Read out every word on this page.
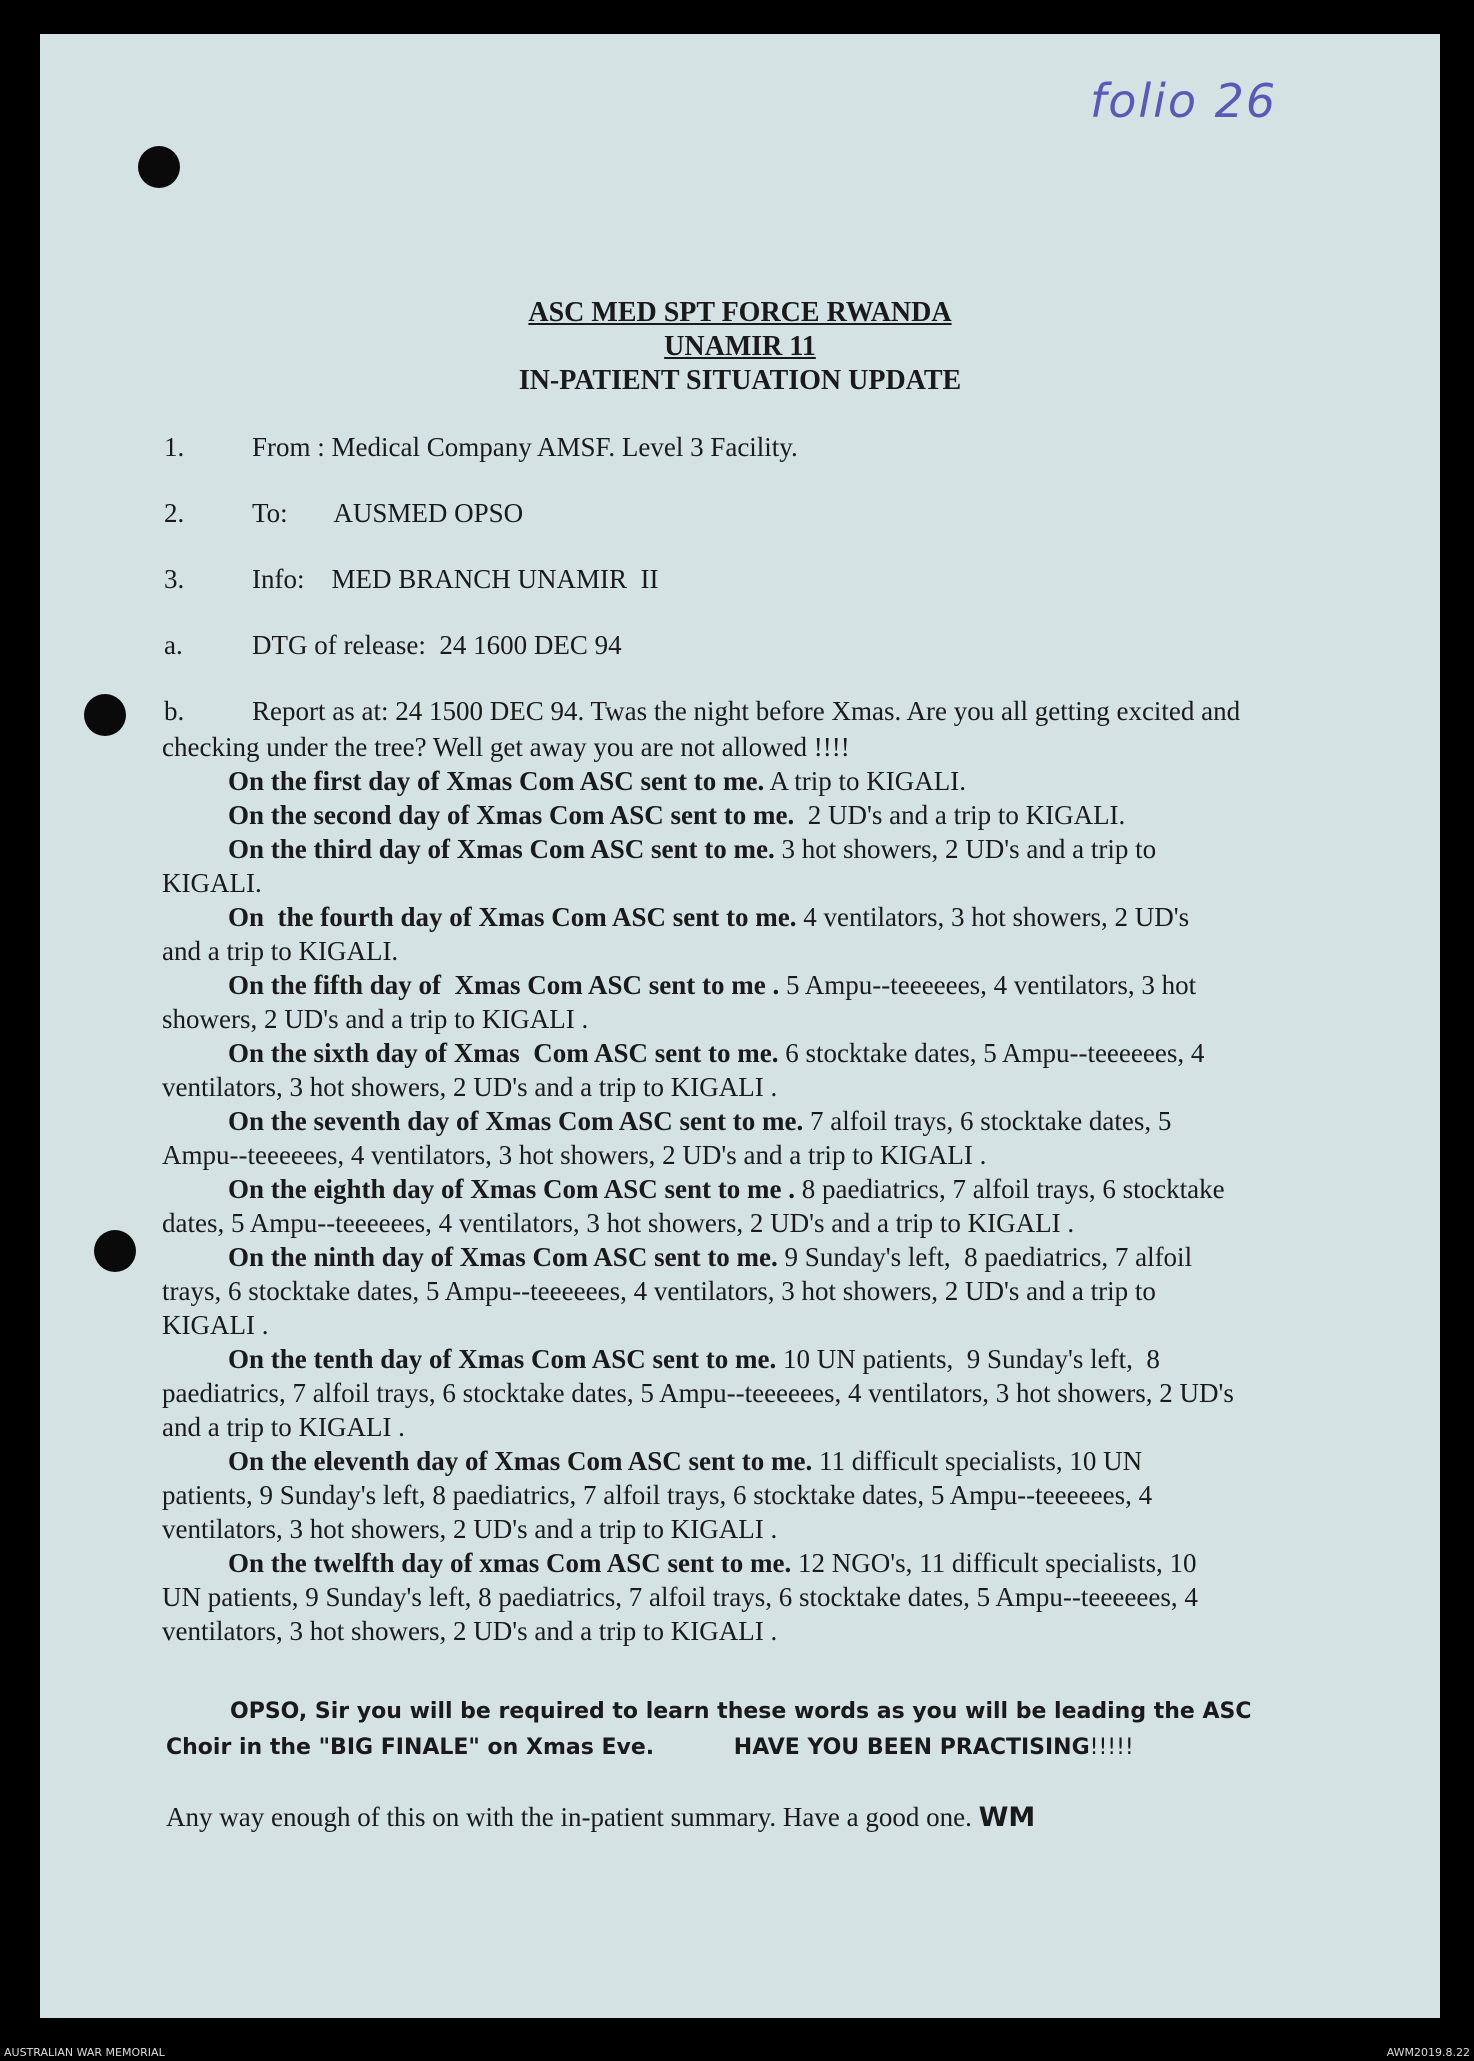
folio 26
ASC MED SPT FORCE RWANDA
UNAMIR 11
IN-PATIENT SITUATION UPDATE
1.	From : Medical Company AMSF. Level 3 Facility.
2.	To:       AUSMED OPSO
3.	Info:    MED BRANCH UNAMIR  II
a.	DTG of release:  24 1600 DEC 94
b.	Report as at: 24 1500 DEC 94. Twas the night before Xmas. Are you all getting excited and
checking under the tree? Well get away you are not allowed !!!!
On the first day of Xmas Com ASC sent to me. A trip to KIGALI.
On the second day of Xmas Com ASC sent to me.  2 UD's and a trip to KIGALI.
On the third day of Xmas Com ASC sent to me. 3 hot showers, 2 UD's and a trip to
KIGALI.
On  the fourth day of Xmas Com ASC sent to me. 4 ventilators, 3 hot showers, 2 UD's
and a trip to KIGALI.
On the fifth day of  Xmas Com ASC sent to me . 5 Ampu--teeeeees, 4 ventilators, 3 hot
showers, 2 UD's and a trip to KIGALI .
On the sixth day of Xmas  Com ASC sent to me. 6 stocktake dates, 5 Ampu--teeeeees, 4
ventilators, 3 hot showers, 2 UD's and a trip to KIGALI .
On the seventh day of Xmas Com ASC sent to me. 7 alfoil trays, 6 stocktake dates, 5
Ampu--teeeeees, 4 ventilators, 3 hot showers, 2 UD's and a trip to KIGALI .
On the eighth day of Xmas Com ASC sent to me . 8 paediatrics, 7 alfoil trays, 6 stocktake
dates, 5 Ampu--teeeeees, 4 ventilators, 3 hot showers, 2 UD's and a trip to KIGALI .
On the ninth day of Xmas Com ASC sent to me. 9 Sunday's left,  8 paediatrics, 7 alfoil
trays, 6 stocktake dates, 5 Ampu--teeeeees, 4 ventilators, 3 hot showers, 2 UD's and a trip to
KIGALI .
On the tenth day of Xmas Com ASC sent to me. 10 UN patients,  9 Sunday's left,  8
paediatrics, 7 alfoil trays, 6 stocktake dates, 5 Ampu--teeeeees, 4 ventilators, 3 hot showers, 2 UD's
and a trip to KIGALI .
On the eleventh day of Xmas Com ASC sent to me. 11 difficult specialists, 10 UN
patients, 9 Sunday's left, 8 paediatrics, 7 alfoil trays, 6 stocktake dates, 5 Ampu--teeeeees, 4
ventilators, 3 hot showers, 2 UD's and a trip to KIGALI .
On the twelfth day of xmas Com ASC sent to me. 12 NGO's, 11 difficult specialists, 10
UN patients, 9 Sunday's left, 8 paediatrics, 7 alfoil trays, 6 stocktake dates, 5 Ampu--teeeeees, 4
ventilators, 3 hot showers, 2 UD's and a trip to KIGALI .
OPSO, Sir you will be required to learn these words as you will be leading the ASC
Choir in the "BIG FINALE" on Xmas Eve.	HAVE YOU BEEN PRACTISING!!!!!
Any way enough of this on with the in-patient summary. Have a good one. WM
AUSTRALIAN WAR MEMORIAL	AWM2019.8.22
